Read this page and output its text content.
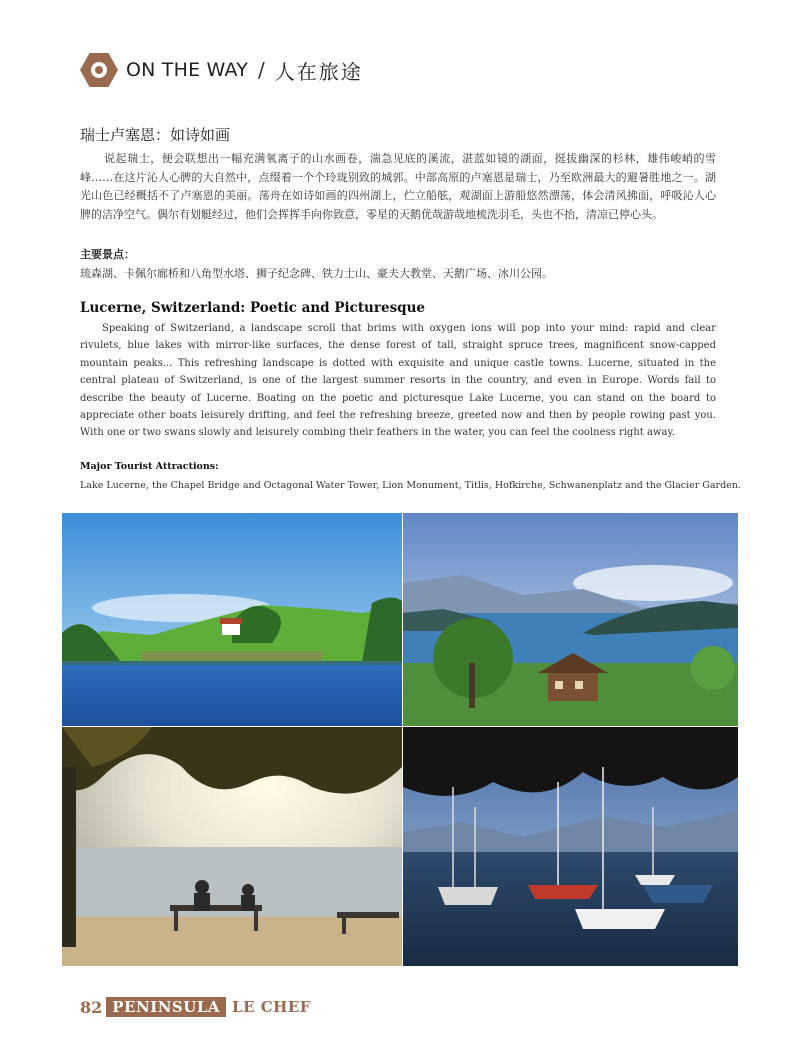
ON THE WAY / 人在旅途
瑞士卢塞恩：如诗如画
说起瑞士，便会联想出一幅充满氧离子的山水画卷，湍急见底的溪流，湛蓝如镜的湖面，挺拔幽深的杉林，雄伟峻峭的雪峰……在这片沁人心脾的大自然中，点缀着一个个玲珑别致的城郭。中部高原的卢塞恩是瑞士，乃至欧洲最大的避暑胜地之一。湖光山色已经概括不了卢塞恩的美丽。荡舟在如诗如画的四州湖上，伫立船舷，观湖面上游船悠然漂荡，体会清风拂面，呼吸沁人心脾的洁净空气。偶尔有划艇经过，他们会挥挥手向你致意，零星的天鹅优哉游哉地梳洗羽毛，头也不抬，清凉已停心头。
主要景点：
琉森湖、卡佩尔廊桥和八角型水塔、狮子纪念碑、铁力士山、豪夫大教堂、天鹅广场、冰川公园。
Lucerne, Switzerland: Poetic and Picturesque
Speaking of Switzerland, a landscape scroll that brims with oxygen ions will pop into your mind: rapid and clear rivulets, blue lakes with mirror-like surfaces, the dense forest of tall, straight spruce trees, magnificent snow-capped mountain peaks... This refreshing landscape is dotted with exquisite and unique castle towns. Lucerne, situated in the central plateau of Switzerland, is one of the largest summer resorts in the country, and even in Europe. Words fail to describe the beauty of Lucerne. Boating on the poetic and picturesque Lake Lucerne, you can stand on the board to appreciate other boats leisurely drifting, and feel the refreshing breeze, greeted now and then by people rowing past you. With one or two swans slowly and leisurely combing their feathers in the water, you can feel the coolness right away.
Major Tourist Attractions:
Lake Lucerne, the Chapel Bridge and Octagonal Water Tower, Lion Monument, Titlis, Hofkirche, Schwanenplatz and the Glacier Garden.
82 PENINSULA LE CHEF
